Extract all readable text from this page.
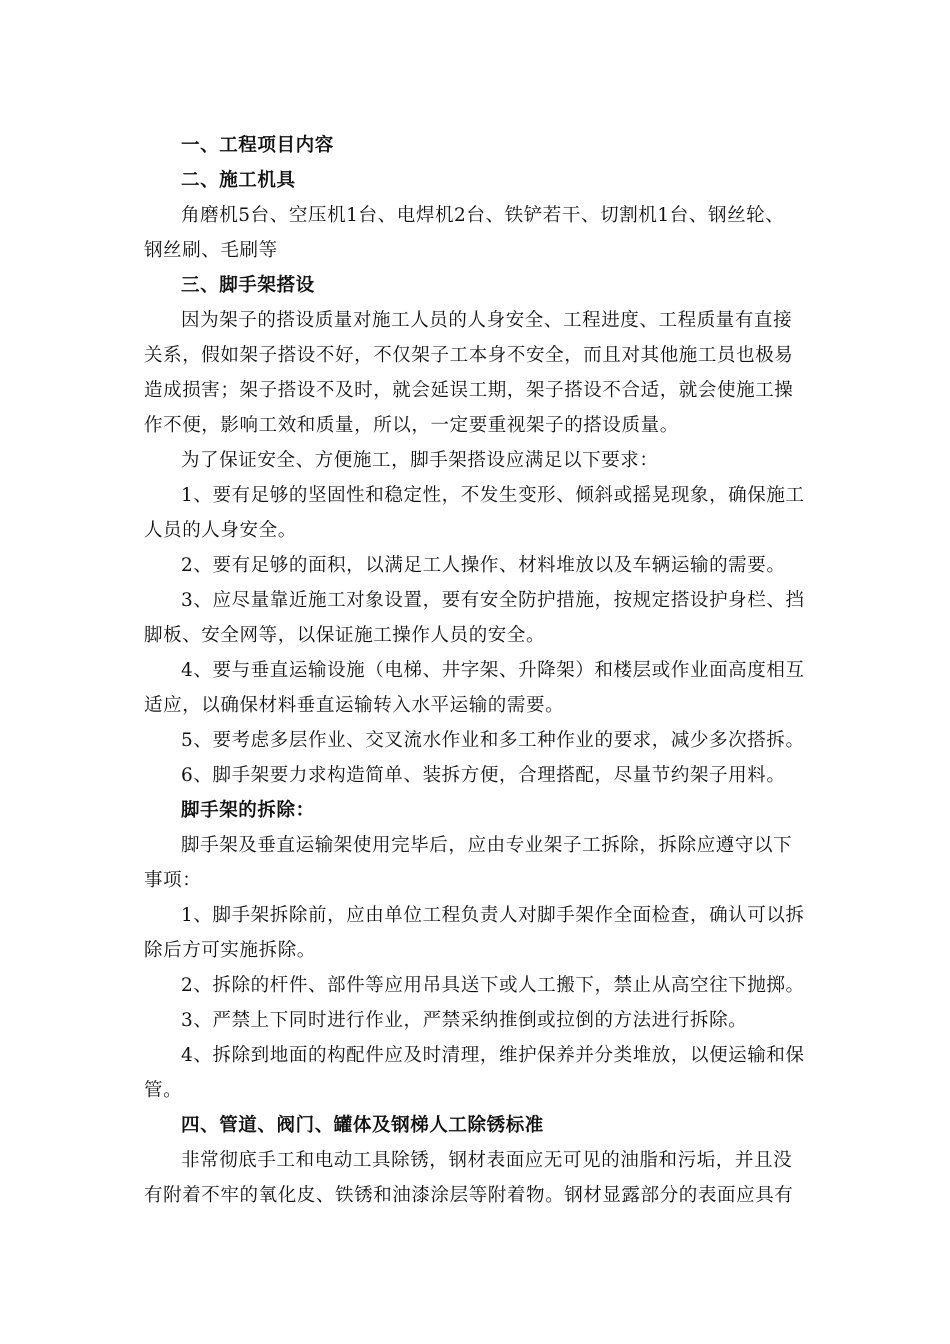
一、工程项目内容
二、施工机具
角磨机5台、空压机1台、电焊机2台、铁铲若干、切割机1台、钢丝轮、
钢丝刷、毛刷等
三、脚手架搭设
因为架子的搭设质量对施工人员的人身安全、工程进度、工程质量有直接
关系，假如架子搭设不好，不仅架子工本身不安全，而且对其他施工员也极易
造成损害；架子搭设不及时，就会延误工期，架子搭设不合适，就会使施工操
作不便，影响工效和质量，所以，一定要重视架子的搭设质量。
为了保证安全、方便施工，脚手架搭设应满足以下要求：
1、要有足够的坚固性和稳定性，不发生变形、倾斜或摇晃现象，确保施工
人员的人身安全。
2、要有足够的面积，以满足工人操作、材料堆放以及车辆运输的需要。
3、应尽量靠近施工对象设置，要有安全防护措施，按规定搭设护身栏、挡
脚板、安全网等，以保证施工操作人员的安全。
4、要与垂直运输设施（电梯、井字架、升降架）和楼层或作业面高度相互
适应，以确保材料垂直运输转入水平运输的需要。
5、要考虑多层作业、交叉流水作业和多工种作业的要求，减少多次搭拆。
6、脚手架要力求构造简单、装拆方便，合理搭配，尽量节约架子用料。
脚手架的拆除：
脚手架及垂直运输架使用完毕后，应由专业架子工拆除，拆除应遵守以下
事项：
1、脚手架拆除前，应由单位工程负责人对脚手架作全面检查，确认可以拆
除后方可实施拆除。
2、拆除的杆件、部件等应用吊具送下或人工搬下，禁止从高空往下抛掷。
3、严禁上下同时进行作业，严禁采纳推倒或拉倒的方法进行拆除。
4、拆除到地面的构配件应及时清理，维护保养并分类堆放，以便运输和保
管。
四、管道、阀门、罐体及钢梯人工除锈标准
非常彻底手工和电动工具除锈，钢材表面应无可见的油脂和污垢，并且没
有附着不牢的氧化皮、铁锈和油漆涂层等附着物。钢材显露部分的表面应具有
